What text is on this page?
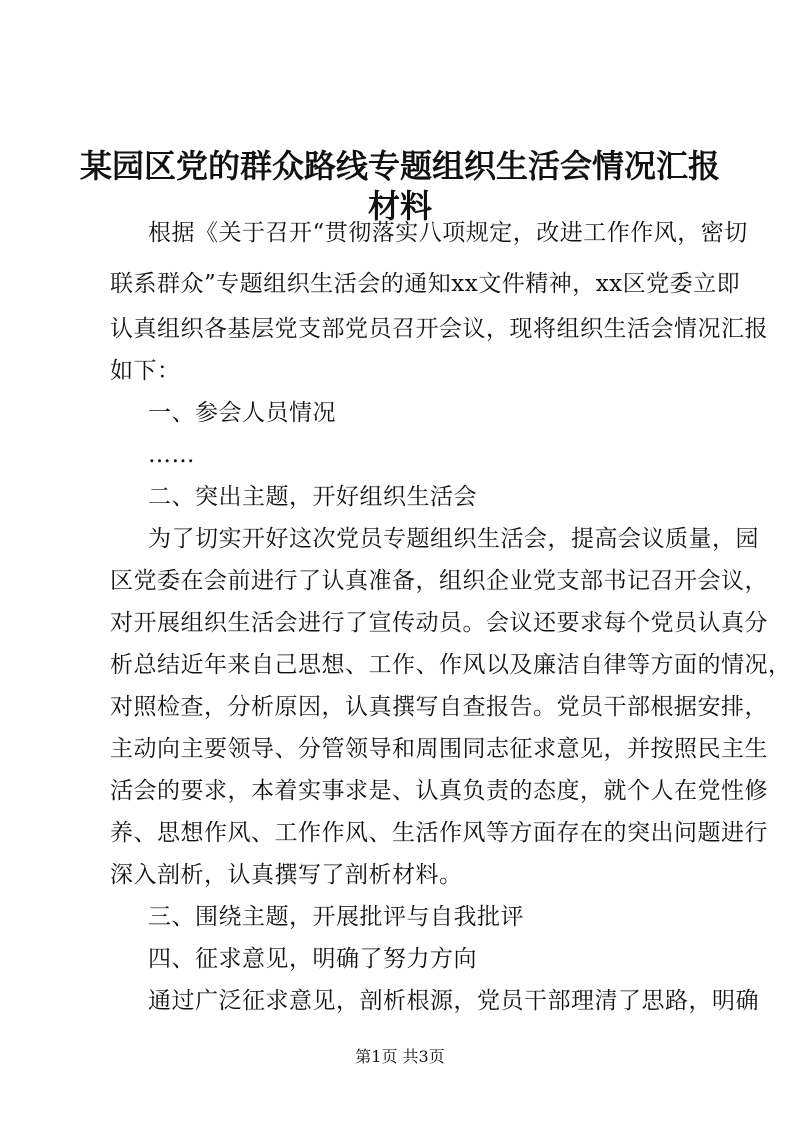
某园区党的群众路线专题组织生活会情况汇报
材料

根据《关于召开“贯彻落实八项规定，改进工作作风，密切

联系群众”专题组织生活会的通知xx文件精神，xx区党委立即

认真组织各基层党支部党员召开会议，现将组织生活会情况汇报

如下：

一、参会人员情况

……

二、突出主题，开好组织生活会

为了切实开好这次党员专题组织生活会，提高会议质量，园

区党委在会前进行了认真准备，组织企业党支部书记召开会议，

对开展组织生活会进行了宣传动员。会议还要求每个党员认真分

析总结近年来自己思想、工作、作风以及廉洁自律等方面的情况，

对照检查，分析原因，认真撰写自查报告。党员干部根据安排，

主动向主要领导、分管领导和周围同志征求意见，并按照民主生

活会的要求，本着实事求是、认真负责的态度，就个人在党性修

养、思想作风、工作作风、生活作风等方面存在的突出问题进行

深入剖析，认真撰写了剖析材料。

三、围绕主题，开展批评与自我批评

四、征求意见，明确了努力方向

通过广泛征求意见，剖析根源，党员干部理清了思路，明确

第1页 共3页
